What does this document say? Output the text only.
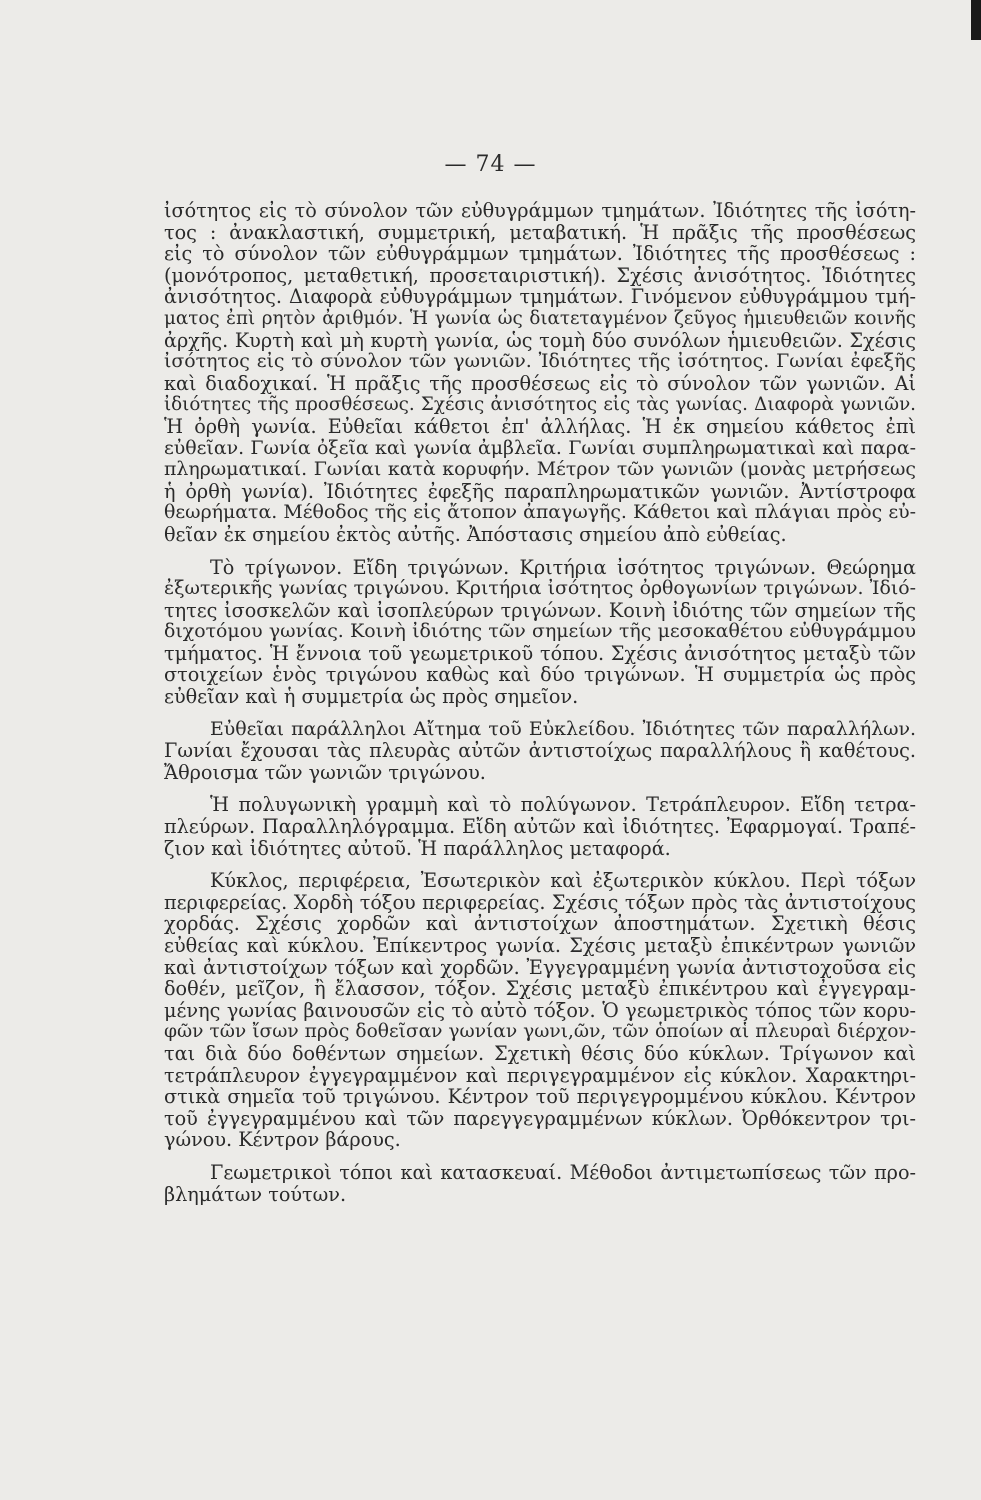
— 74 —
ἰσότητος εἰς τὸ σύνολον τῶν εὐθυγράμμων τμημάτων. Ἰδιότητες τῆς ἰσότη-
τος : ἀνακλαστική, συμμετρική, μεταβατική. Ἡ πρᾶξις τῆς προσθέσεως
εἰς τὸ σύνολον τῶν εὐθυγράμμων τμημάτων. Ἰδιότητες τῆς προσθέσεως :
(μονότροπος, μεταθετική, προσεταιριστική). Σχέσις ἀνισότητος. Ἰδιότητες
ἀνισότητος. Διαφορὰ εὐθυγράμμων τμημάτων. Γινόμενον εὐθυγράμμου τμή-
ματος ἐπὶ ρητὸν ἀριθμόν. Ἡ γωνία ὡς διατεταγμένον ζεῦγος ἡμιευθειῶν κοινῆς
ἀρχῆς. Κυρτὴ καὶ μὴ κυρτὴ γωνία, ὡς τομὴ δύο συνόλων ἡμιευθειῶν. Σχέσις
ἰσότητος εἰς τὸ σύνολον τῶν γωνιῶν. Ἰδιότητες τῆς ἰσότητος. Γωνίαι ἐφεξῆς
καὶ διαδοχικαί. Ἡ πρᾶξις τῆς προσθέσεως εἰς τὸ σύνολον τῶν γωνιῶν. Αἱ
ἰδιότητες τῆς προσθέσεως. Σχέσις ἀνισότητος εἰς τὰς γωνίας. Διαφορὰ γωνιῶν.
Ἡ ὀρθὴ γωνία. Εὐθεῖαι κάθετοι ἐπ' ἀλλήλας. Ἡ ἐκ σημείου κάθετος ἐπὶ
εὐθεῖαν. Γωνία ὀξεῖα καὶ γωνία ἀμβλεῖα. Γωνίαι συμπληρωματικαὶ καὶ παρα-
πληρωματικαί. Γωνίαι κατὰ κορυφήν. Μέτρον τῶν γωνιῶν (μονὰς μετρήσεως
ἡ ὀρθὴ γωνία). Ἰδιότητες ἐφεξῆς παραπληρωματικῶν γωνιῶν. Ἀντίστροφα
θεωρήματα. Μέθοδος τῆς εἰς ἄτοπον ἀπαγωγῆς. Κάθετοι καὶ πλάγιαι πρὸς εὐ-
θεῖαν ἐκ σημείου ἐκτὸς αὐτῆς. Ἀπόστασις σημείου ἀπὸ εὐθείας.
Τὸ τρίγωνον. Εἴδη τριγώνων. Κριτήρια ἰσότητος τριγώνων. Θεώρημα
ἐξωτερικῆς γωνίας τριγώνου. Κριτήρια ἰσότητος ὀρθογωνίων τριγώνων. Ἰδιό-
τητες ἰσοσκελῶν καὶ ἰσοπλεύρων τριγώνων. Κοινὴ ἰδιότης τῶν σημείων τῆς
διχοτόμου γωνίας. Κοινὴ ἰδιότης τῶν σημείων τῆς μεσοκαθέτου εὐθυγράμμου
τμήματος. Ἡ ἔννοια τοῦ γεωμετρικοῦ τόπου. Σχέσις ἀνισότητος μεταξὺ τῶν
στοιχείων ἑνὸς τριγώνου καθὼς καὶ δύο τριγώνων. Ἡ συμμετρία ὡς πρὸς
εὐθεῖαν καὶ ἡ συμμετρία ὡς πρὸς σημεῖον.
Εὐθεῖαι παράλληλοι Αἴτημα τοῦ Εὐκλείδου. Ἰδιότητες τῶν παραλλήλων.
Γωνίαι ἔχουσαι τὰς πλευρὰς αὐτῶν ἀντιστοίχως παραλλήλους ἢ καθέτους.
Ἄθροισμα τῶν γωνιῶν τριγώνου.
Ἡ πολυγωνικὴ γραμμὴ καὶ τὸ πολύγωνον. Τετράπλευρον. Εἴδη τετρα-
πλεύρων. Παραλληλόγραμμα. Εἴδη αὐτῶν καὶ ἰδιότητες. Ἐφαρμογαί. Τραπέ-
ζιον καὶ ἰδιότητες αὐτοῦ. Ἡ παράλληλος μεταφορά.
Κύκλος, περιφέρεια, Ἐσωτερικὸν καὶ ἐξωτερικὸν κύκλου. Περὶ τόξων
περιφερείας. Χορδὴ τόξου περιφερείας. Σχέσις τόξων πρὸς τὰς ἀντιστοίχους
χορδάς. Σχέσις χορδῶν καὶ ἀντιστοίχων ἀποστημάτων. Σχετικὴ θέσις
εὐθείας καὶ κύκλου. Ἐπίκεντρος γωνία. Σχέσις μεταξὺ ἐπικέντρων γωνιῶν
καὶ ἀντιστοίχων τόξων καὶ χορδῶν. Ἐγγεγραμμένη γωνία ἀντιστοχοῦσα εἰς
δοθέν, μεῖζον, ἢ ἔλασσον, τόξον. Σχέσις μεταξὺ ἐπικέντρου καὶ ἐγγεγραμ-
μένης γωνίας βαινουσῶν εἰς τὸ αὐτὸ τόξον. Ὁ γεωμετρικὸς τόπος τῶν κορυ-
φῶν τῶν ἴσων πρὸς δοθεῖσαν γωνίαν γωνι,ῶν, τῶν ὁποίων αἱ πλευραὶ διέρχον-
ται διὰ δύο δοθέντων σημείων. Σχετικὴ θέσις δύο κύκλων. Τρίγωνον καὶ
τετράπλευρον ἐγγεγραμμένον καὶ περιγεγραμμένον εἰς κύκλον. Χαρακτηρι-
στικὰ σημεῖα τοῦ τριγώνου. Κέντρον τοῦ περιγεγρομμένου κύκλου. Κέντρον
τοῦ ἐγγεγραμμένου καὶ τῶν παρεγγεγραμμένων κύκλων. Ὀρθόκεντρον τρι-
γώνου. Κέντρον βάρους.
Γεωμετρικοὶ τόποι καὶ κατασκευαί. Μέθοδοι ἀντιμετωπίσεως τῶν προ-
βλημάτων τούτων.
